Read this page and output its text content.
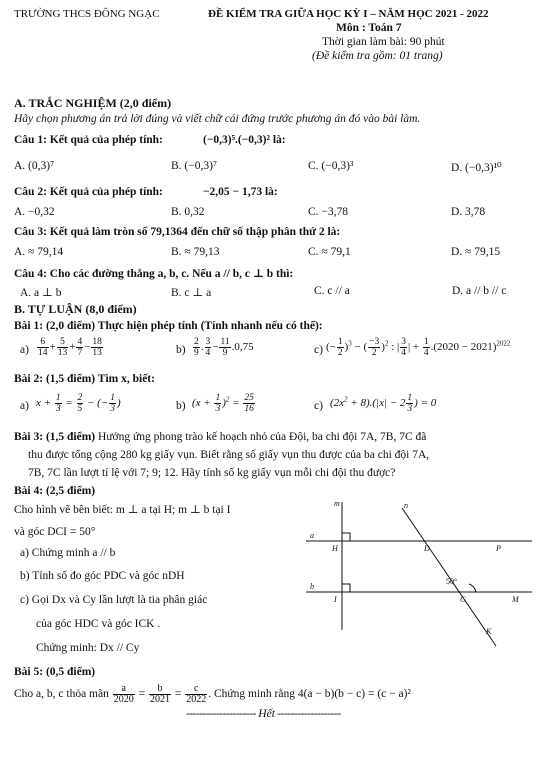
TRƯỜNG THCS ĐÔNG NGẠC	ĐỀ KIỂM TRA GIỮA HỌC KỲ I – NĂM HỌC 2021 - 2022
Môn : Toán 7
Thời gian làm bài: 90 phút
(Đề kiểm tra gồm: 01 trang)
A. TRẮC NGHIỆM (2,0 điểm)
Hãy chọn phương án trả lời đúng và viết chữ cái đứng trước phương án đó vào bài làm.
Câu 1: Kết quả của phép tính:	(−0,3)⁵.(−0,3)² là:
A. (0,3)⁷	B. (−0,3)⁷	C. (−0,3)³	D. (−0,3)¹⁰
Câu 2: Kết quả của phép tính:	−2,05 − 1,73 là:
A. −0,32	B. 0,32	C. −3,78	D. 3,78
Câu 3: Kết quả làm tròn số 79,1364 đến chữ số thập phân thứ 2 là:
A. ≈ 79,14	B. ≈ 79,13	C. ≈ 79,1	D. ≈ 79,15
Câu 4: Cho các đường thẳng a, b, c. Nếu a // b, c ⊥ b thì:
A. a ⊥ b	B. c ⊥ a	C. c // a	D. a // b // c
B. TỰ LUẬN (8,0 điểm)
Bài 1: (2,0 điểm) Thực hiện phép tính (Tính nhanh nếu có thể):
$a) \frac{6}{14} + \frac{5}{13} + \frac{4}{7} - \frac{18}{13}$	$b) \frac{2}{9}$ . $\frac{3}{4} - \frac{11}{9} .0,75$	c) (− $\frac{1}{2} )^3$ − ( $\frac{-3}{2} )^2$ : | $\frac{3}{4}$ | + $\frac{1}{4} .(2020 - 2021)^{2022}$
Bài 2: (1,5 điểm) Tìm x, biết:
a) $x + \frac{1}{3} = \frac{2}{5}$ − (− $\frac{1}{3}$ )	b) $(x + \frac{1}{3} )^2 = \frac{25}{16}$	c) $(2x^2 + 8).(|x| - 2 \frac{1}{3}$ ) = 0
Bài 3: (1,5 điểm) Hưởng ứng phong trào kế hoạch nhỏ của Đội, ba chi đội 7A, 7B, 7C đã
thu được tổng cộng 280 kg giấy vụn. Biết rằng số giấy vụn thu được của ba chi đội 7A,
7B, 7C lần lượt tỉ lệ với 7; 9; 12. Hãy tính số kg giấy vụn mỗi chi đội thu được?
Bài 4: (2,5 điểm)
Cho hình vẽ bên biết: m ⊥ a tại H; m ⊥ b tại I
và góc DCI = 50°
a) Chứng minh a // b
b) Tính số đo góc PDC và góc nDH
c) Gọi Dx và Cy lần lượt là tia phân giác
của góc HDC và góc ICK .
Chứng minh: Dx // Cy
m	n
a
b
H	D	P
I	C	M
K
50°
Bài 5: (0,5 điểm)
Cho a, b, c thỏa mãn $\frac{a}{2020} = \frac{b}{2021} = \frac{c}{2022}$ . Chứng minh rằng 4(a − b)(b − c) = (c − a)²
--------------------- Hết -------------------
